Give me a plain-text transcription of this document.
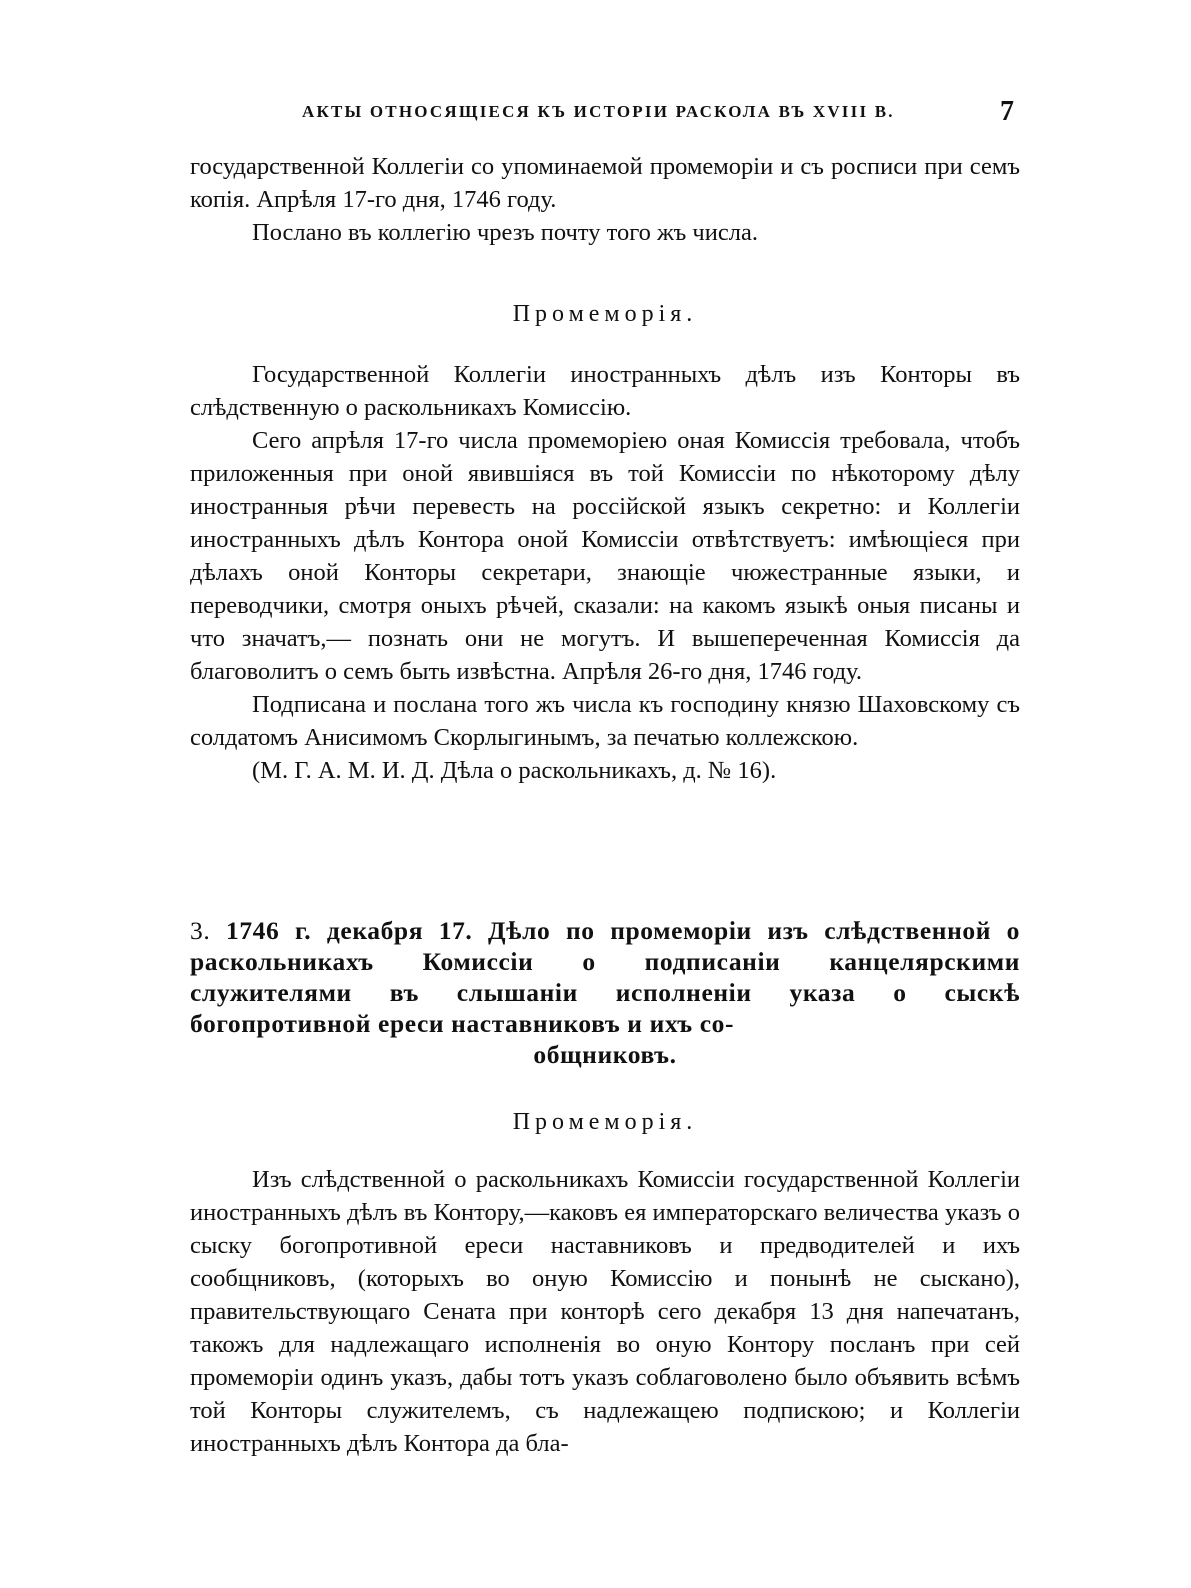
АКТЫ ОТНОСЯЩІЕСЯ КЪ ИСТОРІИ РАСКОЛА ВЪ XVIII В.	7

государственной Коллегіи со упоминаемой промеморіи и съ росписи при семъ копія. Апрѣля 17-го дня, 1746 году.

Послано въ коллегію чрезъ почту того жъ числа.

Промеморія.

Государственной Коллегіи иностранныхъ дѣлъ изъ Конторы въ слѣдственную о раскольникахъ Комиссію.

Сего апрѣля 17-го числа промеморіею оная Комиссія требовала, чтобъ приложенныя при оной явившіяся въ той Комиссіи по нѣкоторому дѣлу иностранныя рѣчи перевесть на россійской языкъ секретно: и Коллегіи иностранныхъ дѣлъ Контора оной Комиссіи отвѣтствуетъ: имѣющіеся при дѣлахъ оной Конторы секретари, знающіе чюжестранные языки, и переводчики, смотря оныхъ рѣчей, сказали: на какомъ языкѣ оныя писаны и что значатъ,— познать они не могутъ. И вышепереченная Комиссія да благоволитъ о семъ быть извѣстна. Апрѣля 26-го дня, 1746 году.

Подписана и послана того жъ числа къ господину князю Шаховскому съ солдатомъ Анисимомъ Скорлыгинымъ, за печатью коллежскою.

(М. Г. А. М. И. Д. Дѣла о раскольникахъ, д. № 16).

3. 1746 г. декабря 17. Дѣло по промеморіи изъ слѣдственной о раскольникахъ Комиссіи о подписаніи канцелярскими служителями въ слышаніи исполненіи указа о сыскѣ богопротивной ереси наставниковъ и ихъ со-
общниковъ.

Промеморія.

Изъ слѣдственной о раскольникахъ Комиссіи государственной Коллегіи иностранныхъ дѣлъ въ Контору,—каковъ ея императорскаго величества указъ о сыску богопротивной ереси наставниковъ и предводителей и ихъ сообщниковъ, (которыхъ во оную Комиссію и понынѣ не сыскано), правительствующаго Сената при конторѣ сего декабря 13 дня напечатанъ, такожъ для надлежащаго исполненія во оную Контору посланъ при сей промеморіи одинъ указъ, дабы тотъ указъ соблаговолено было объявить всѣмъ той Конторы служителемъ, съ надлежащею подпискою; и Коллегіи иностранныхъ дѣлъ Контора да бла-
